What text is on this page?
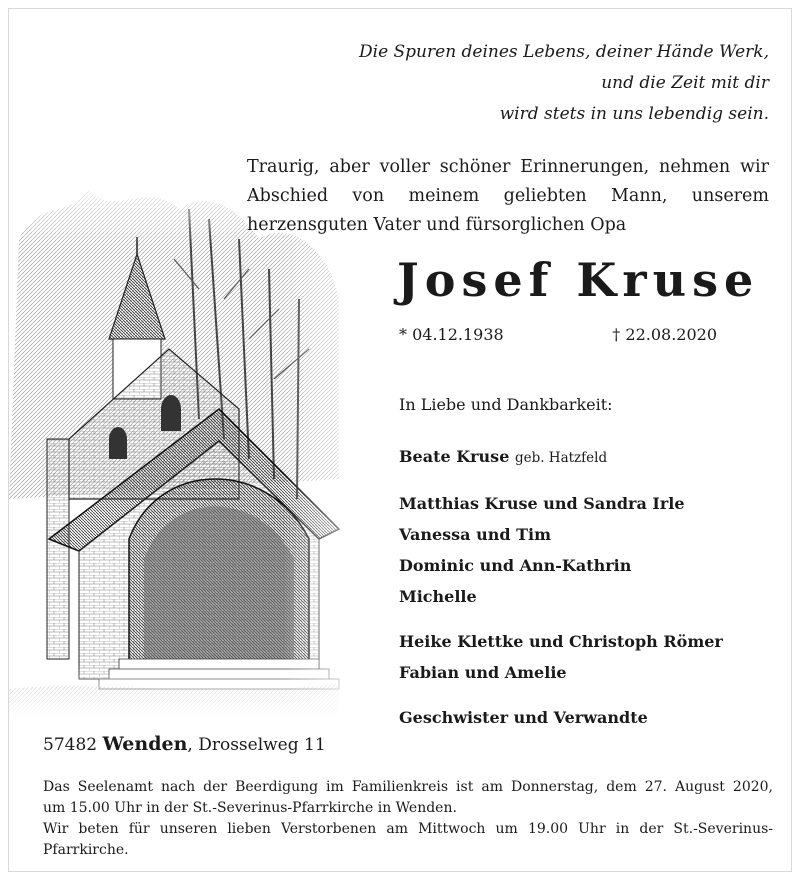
Die Spuren deines Lebens, deiner Hände Werk,
und die Zeit mit dir
wird stets in uns lebendig sein.
Traurig, aber voller schöner Erinnerungen, nehmen wir
Abschied von meinem geliebten Mann, unserem
herzensguten Vater und fürsorglichen Opa
Josef Kruse
* 04.12.1938	† 22.08.2020
In Liebe und Dankbarkeit:
Beate Kruse geb. Hatzfeld
Matthias Kruse und Sandra Irle
Vanessa und Tim
Dominic und Ann-Kathrin
Michelle
Heike Klettke und Christoph Römer
Fabian und Amelie
Geschwister und Verwandte
57482 Wenden, Drosselweg 11
Das Seelenamt nach der Beerdigung im Familienkreis ist am Donnerstag, dem 27. August 2020,
um 15.00 Uhr in der St.-Severinus-Pfarrkirche in Wenden.
Wir beten für unseren lieben Verstorbenen am Mittwoch um 19.00 Uhr in der St.-Severinus-
Pfarrkirche.
